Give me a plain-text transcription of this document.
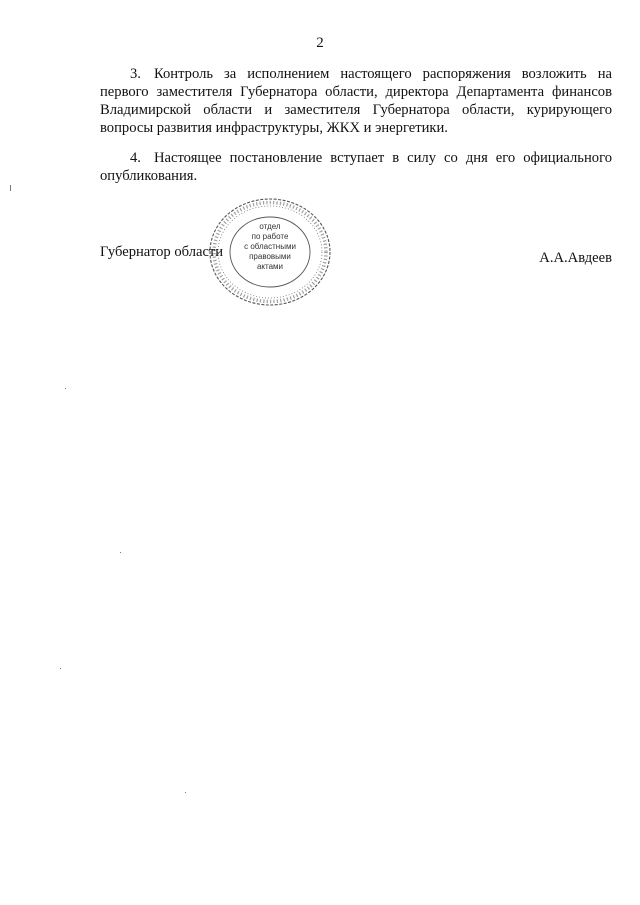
2

3. Контроль за исполнением настоящего распоряжения возложить на первого заместителя Губернатора области, директора Департамента финансов Владимирской области и заместителя Губернатора области, курирующего вопросы развития инфраструктуры, ЖКХ и энергетики.

4. Настоящее постановление вступает в силу со дня его официального опубликования.

отдел
по работе
с областными
правовыми
актами
Губернатор области	А.А.Авдеев
